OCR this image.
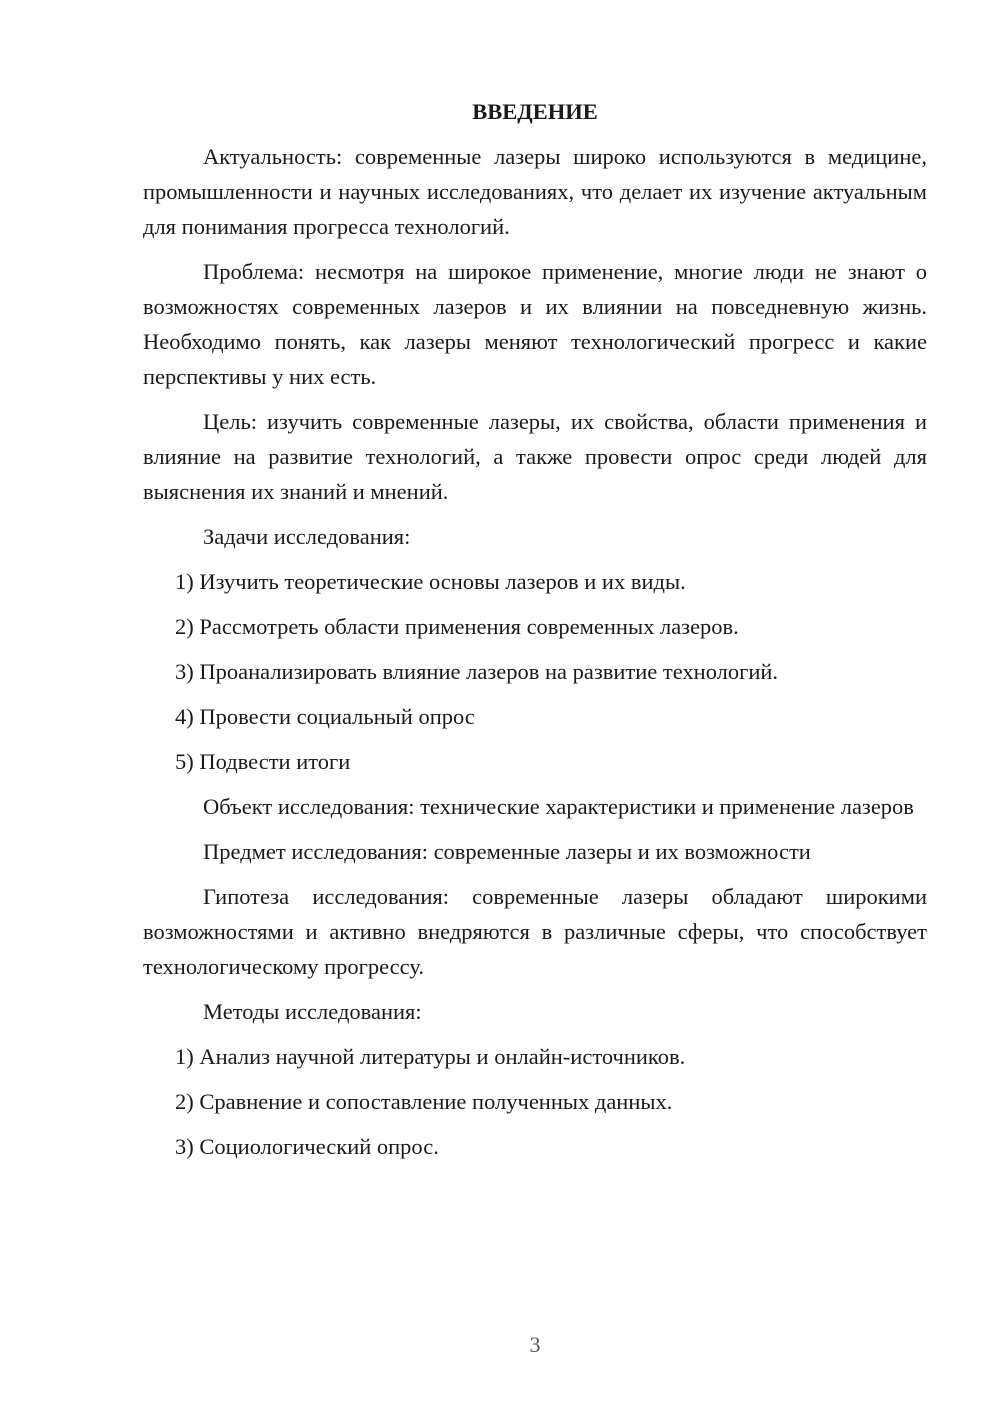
ВВЕДЕНИЕ
Актуальность: современные лазеры широко используются в медицине, промышленности и научных исследованиях, что делает их изучение актуальным для понимания прогресса технологий.
Проблема: несмотря на широкое применение, многие люди не знают о возможностях современных лазеров и их влиянии на повседневную жизнь. Необходимо понять, как лазеры меняют технологический прогресс и какие перспективы у них есть.
Цель: изучить современные лазеры, их свойства, области применения и влияние на развитие технологий, а также провести опрос среди людей для выяснения их знаний и мнений.
Задачи исследования:
1) Изучить теоретические основы лазеров и их виды.
2) Рассмотреть области применения современных лазеров.
3) Проанализировать влияние лазеров на развитие технологий.
4) Провести социальный опрос
5) Подвести итоги
Объект исследования: технические характеристики и применение лазеров
Предмет исследования: современные лазеры и их возможности
Гипотеза исследования: современные лазеры обладают широкими возможностями и активно внедряются в различные сферы, что способствует технологическому прогрессу.
Методы исследования:
1) Анализ научной литературы и онлайн-источников.
2) Сравнение и сопоставление полученных данных.
3) Социологический опрос.
3
